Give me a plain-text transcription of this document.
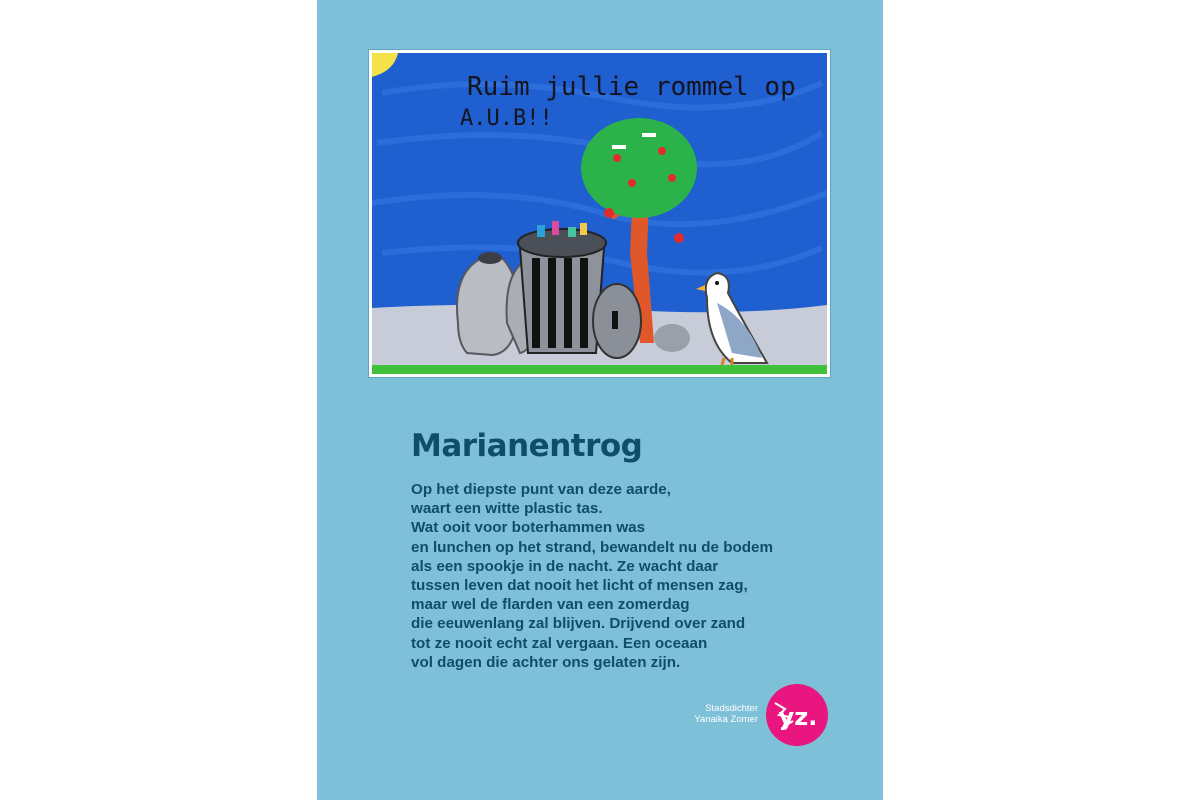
Ruim jullie rommel op
A.U.B!!
Marianentrog
Op het diepste punt van deze aarde,
waart een witte plastic tas.
Wat ooit voor boterhammen was
en lunchen op het strand, bewandelt nu de bodem
als een spookje in de nacht. Ze wacht daar
tussen leven dat nooit het licht of mensen zag,
maar wel de flarden van een zomerdag
die eeuwenlang zal blijven. Drijvend over zand
tot ze nooit echt zal vergaan. Een oceaan
vol dagen die achter ons gelaten zijn.
Stadsdichter
Yanaika Zomer yz.
